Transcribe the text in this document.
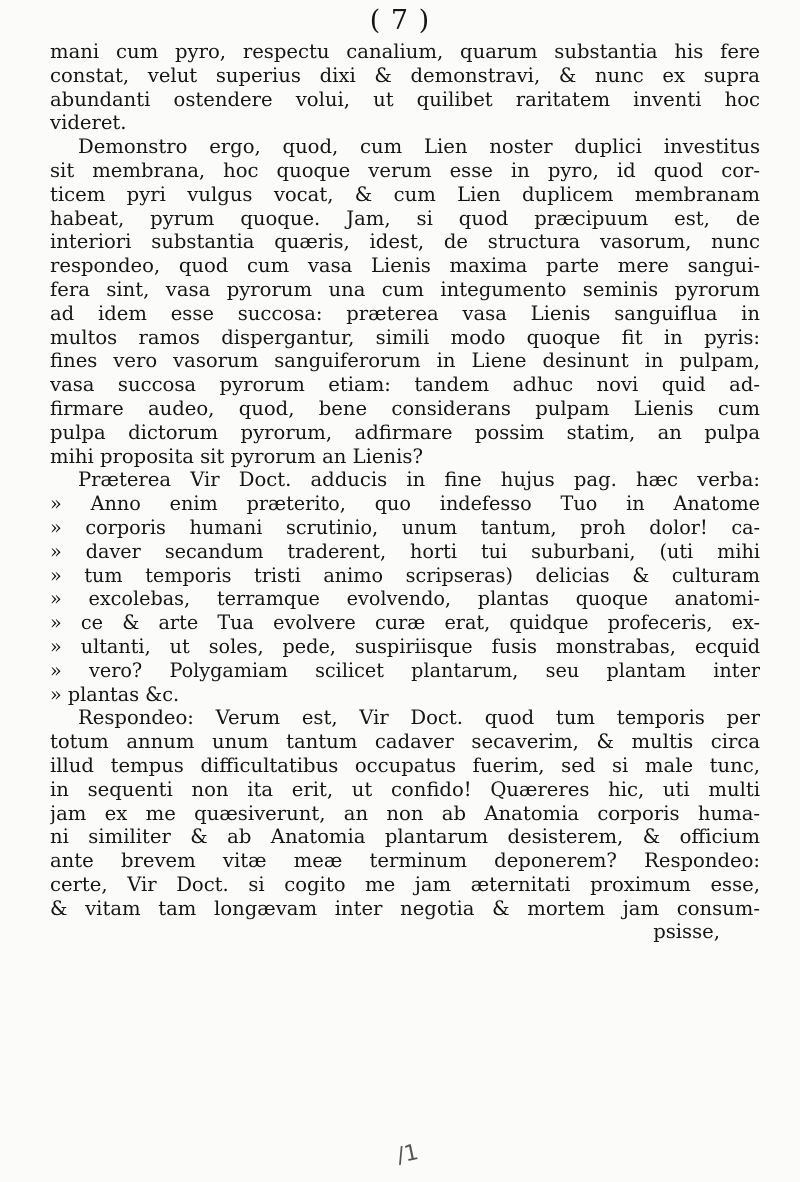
( 7 )
mani cum pyro, respectu canalium, quarum substantia his fere
constat, velut superius dixi & demonstravi, & nunc ex supra
abundanti ostendere volui, ut quilibet raritatem inventi hoc
videret.
Demonstro ergo, quod, cum Lien noster duplici investitus
sit membrana, hoc quoque verum esse in pyro, id quod cor-
ticem pyri vulgus vocat, & cum Lien duplicem membranam
habeat, pyrum quoque. Jam, si quod præcipuum est, de
interiori substantia quæris, idest, de structura vasorum, nunc
respondeo, quod cum vasa Lienis maxima parte mere sangui-
fera sint, vasa pyrorum una cum integumento seminis pyrorum
ad idem esse succosa: præterea vasa Lienis sanguiflua in
multos ramos dispergantur, simili modo quoque fit in pyris:
fines vero vasorum sanguiferorum in Liene desinunt in pulpam,
vasa succosa pyrorum etiam: tandem adhuc novi quid ad-
firmare audeo, quod, bene considerans pulpam Lienis cum
pulpa dictorum pyrorum, adfirmare possim statim, an pulpa
mihi proposita sit pyrorum an Lienis?
Præterea Vir Doct. adducis in fine hujus pag. hæc verba:
» Anno enim præterito, quo indefesso Tuo in Anatome
» corporis humani scrutinio, unum tantum, proh dolor! ca-
» daver secandum traderent, horti tui suburbani, (uti mihi
» tum temporis tristi animo scripseras) delicias & culturam
» excolebas, terramque evolvendo, plantas quoque anatomi-
» ce & arte Tua evolvere curæ erat, quidque profeceris, ex-
» ultanti, ut soles, pede, suspiriisque fusis monstrabas, ecquid
» vero? Polygamiam scilicet plantarum, seu plantam inter
» plantas &c.
Respondeo: Verum est, Vir Doct. quod tum temporis per
totum annum unum tantum cadaver secaverim, & multis circa
illud tempus difficultatibus occupatus fuerim, sed si male tunc,
in sequenti non ita erit, ut confido! Quæreres hic, uti multi
jam ex me quæsiverunt, an non ab Anatomia corporis huma-
ni similiter & ab Anatomia plantarum desisterem, & officium
ante brevem vitæ meæ terminum deponerem? Respondeo:
certe, Vir Doct. si cogito me jam æternitati proximum esse,
& vitam tam longævam inter negotia & mortem jam consum-
psisse,
/1
